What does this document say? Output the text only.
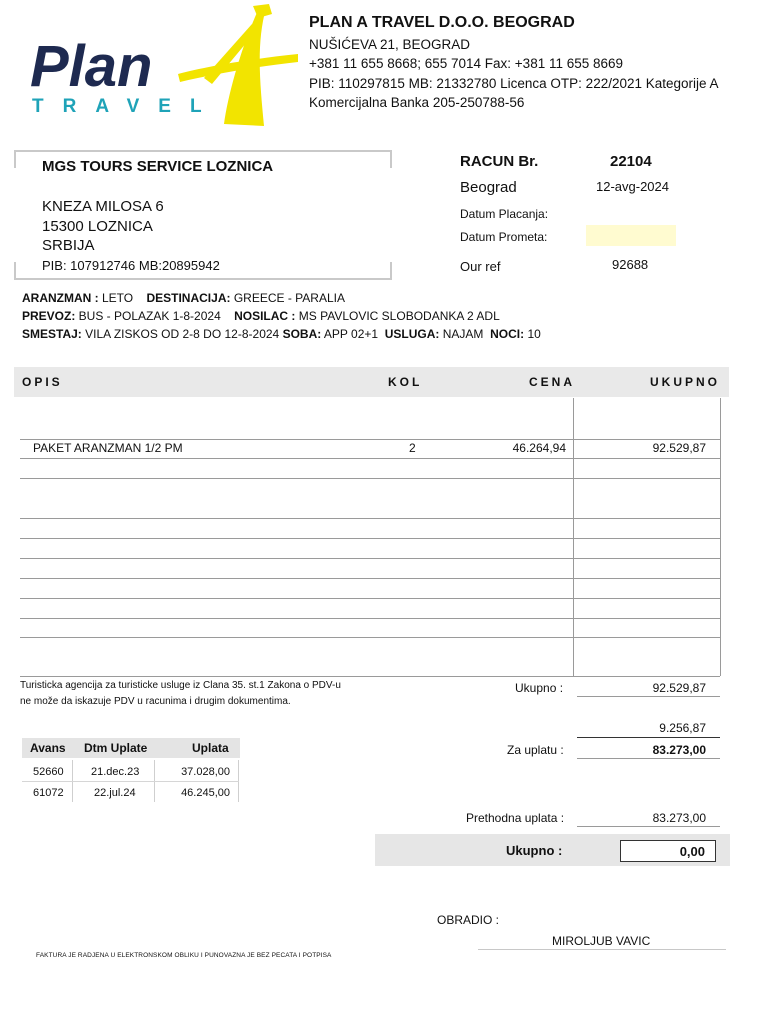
Plan
TRAVEL
PLAN A TRAVEL D.O.O. BEOGRAD
NUŠIĆEVA 21, BEOGRAD
+381 11 655 8668; 655 7014 Fax: +381 11 655 8669
PIB: 110297815 MB: 21332780 Licenca OTP: 222/2021 Kategorije A
Komercijalna Banka 205-250788-56
MGS TOURS SERVICE LOZNICA
KNEZA MILOSA 6
15300 LOZNICA
SRBIJA
PIB: 107912746 MB:20895942
RACUN Br.	22104
Beograd	12-avg-2024
Datum Placanja:
Datum Prometa:
Our ref	92688
ARANZMAN : LETO DESTINACIJA: GREECE - PARALIA
PREVOZ: BUS - POLAZAK 1-8-2024 NOSILAC : MS PAVLOVIC SLOBODANKA 2 ADL
SMESTAJ: VILA ZISKOS OD 2-8 DO 12-8-2024 SOBA: APP 02+1 USLUGA: NAJAM NOCI: 10
OPIS	KOL	CENA	UKUPNO
PAKET ARANZMAN 1/2 PM	2	46.264,94	92.529,87
Turisticka agencija za turisticke usluge iz Clana 35. st.1 Zakona o PDV-u
ne može da iskazuje PDV u racunima i drugim dokumentima.
Ukupno :	92.529,87
9.256,87
Za uplatu :	83.273,00
Prethodna uplata :	83.273,00
Ukupno :	0,00
Avans Dtm Uplate	Uplata
52660 21.dec.23	37.028,00
61072	22.jul.24	46.245,00
OBRADIO :
MIROLJUB VAVIC
FAKTURA JE RADJENA U ELEKTRONSKOM OBLIKU I PUNOVAZNA JE BEZ PECATA I POTPISA
